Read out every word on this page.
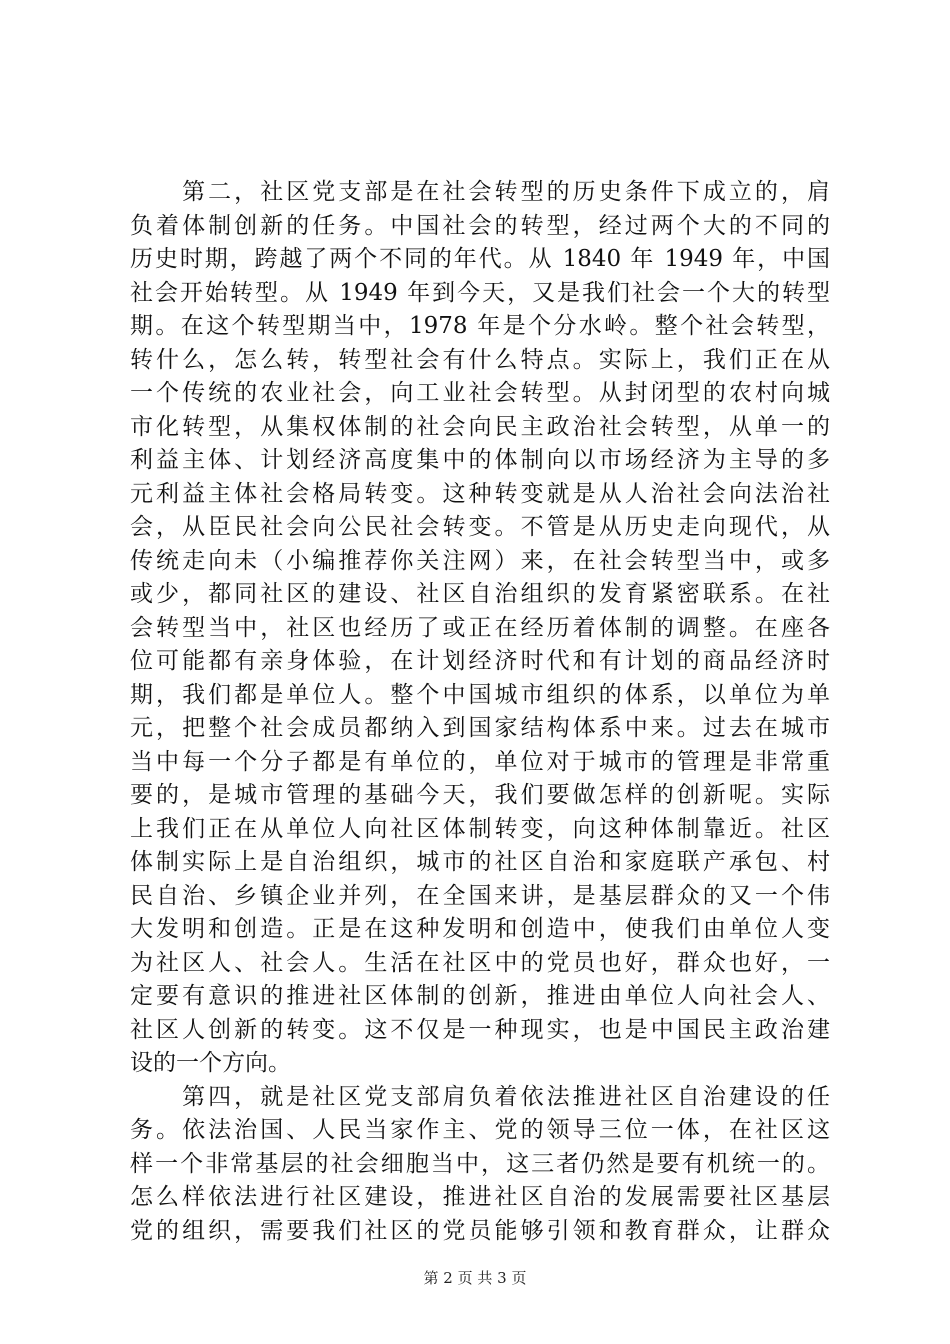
　　第二，社区党支部是在社会转型的历史条件下成立的，肩
负着体制创新的任务。中国社会的转型，经过两个大的不同的
历史时期，跨越了两个不同的年代。从 1840 年 1949 年，中国
社会开始转型。从 1949 年到今天，又是我们社会一个大的转型
期。在这个转型期当中，1978 年是个分水岭。整个社会转型，
转什么，怎么转，转型社会有什么特点。实际上，我们正在从
一个传统的农业社会，向工业社会转型。从封闭型的农村向城
市化转型，从集权体制的社会向民主政治社会转型，从单一的
利益主体、计划经济高度集中的体制向以市场经济为主导的多
元利益主体社会格局转变。这种转变就是从人治社会向法治社
会，从臣民社会向公民社会转变。不管是从历史走向现代，从
传统走向未（小编推荐你关注网）来，在社会转型当中，或多
或少，都同社区的建设、社区自治组织的发育紧密联系。在社
会转型当中，社区也经历了或正在经历着体制的调整。在座各
位可能都有亲身体验，在计划经济时代和有计划的商品经济时
期，我们都是单位人。整个中国城市组织的体系，以单位为单
元，把整个社会成员都纳入到国家结构体系中来。过去在城市
当中每一个分子都是有单位的，单位对于城市的管理是非常重
要的，是城市管理的基础今天，我们要做怎样的创新呢。实际
上我们正在从单位人向社区体制转变，向这种体制靠近。社区
体制实际上是自治组织，城市的社区自治和家庭联产承包、村
民自治、乡镇企业并列，在全国来讲，是基层群众的又一个伟
大发明和创造。正是在这种发明和创造中，使我们由单位人变
为社区人、社会人。生活在社区中的党员也好，群众也好，一
定要有意识的推进社区体制的创新，推进由单位人向社会人、
社区人创新的转变。这不仅是一种现实，也是中国民主政治建
设的一个方向。
　　第四，就是社区党支部肩负着依法推进社区自治建设的任
务。依法治国、人民当家作主、党的领导三位一体，在社区这
样一个非常基层的社会细胞当中，这三者仍然是要有机统一的。
怎么样依法进行社区建设，推进社区自治的发展需要社区基层
党的组织，需要我们社区的党员能够引领和教育群众，让群众
第 2 页 共 3 页
